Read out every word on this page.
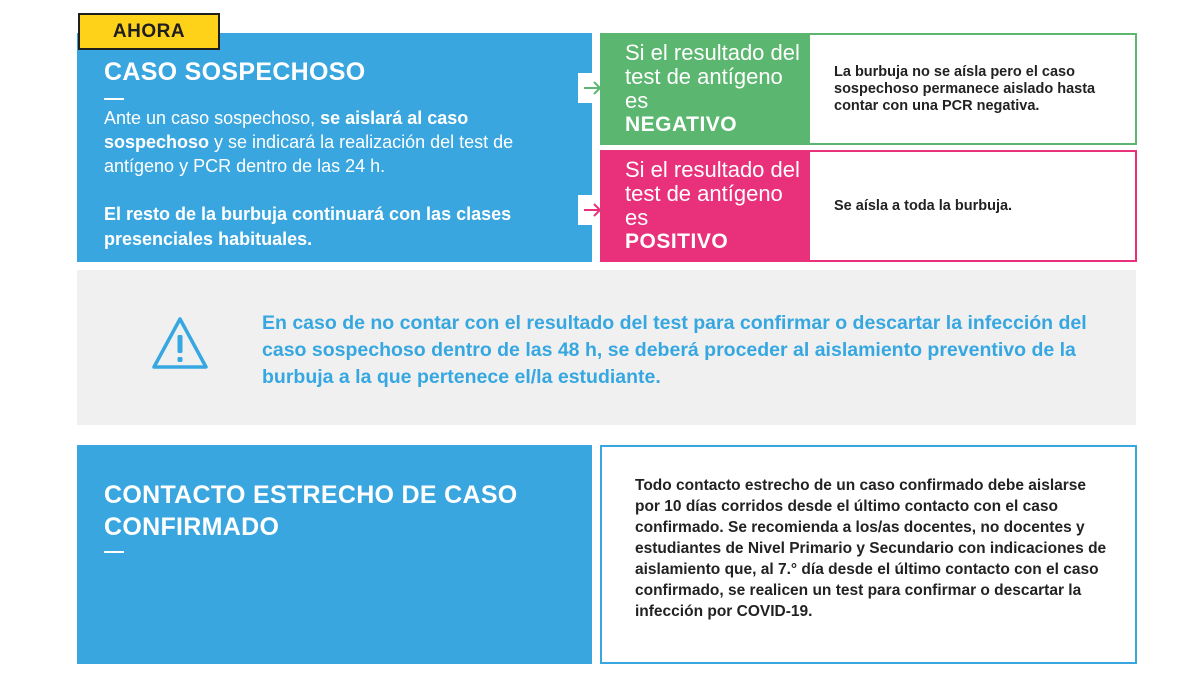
AHORA
CASO SOSPECHOSO
Ante un caso sospechoso, se aislará al caso sospechoso y se indicará la realización del test de antígeno y PCR dentro de las 24 h.
El resto de la burbuja continuará con las clases presenciales habituales.
Si el resultado del test de antígeno es
NEGATIVO
La burbuja no se aísla pero el caso sospechoso permanece aislado hasta contar con una PCR negativa.
Si el resultado del test de antígeno es
POSITIVO
Se aísla a toda la burbuja.
En caso de no contar con el resultado del test para confirmar o descartar la infección del caso sospechoso dentro de las 48 h, se deberá proceder al aislamiento preventivo de la burbuja a la que pertenece el/la estudiante.
CONTACTO ESTRECHO DE CASO CONFIRMADO
Todo contacto estrecho de un caso confirmado debe aislarse por 10 días corridos desde el último contacto con el caso confirmado. Se recomienda a los/as docentes, no docentes y estudiantes de Nivel Primario y Secundario con indicaciones de aislamiento que, al 7.° día desde el último contacto con el caso confirmado, se realicen un test para confirmar o descartar la infección por COVID-19.
